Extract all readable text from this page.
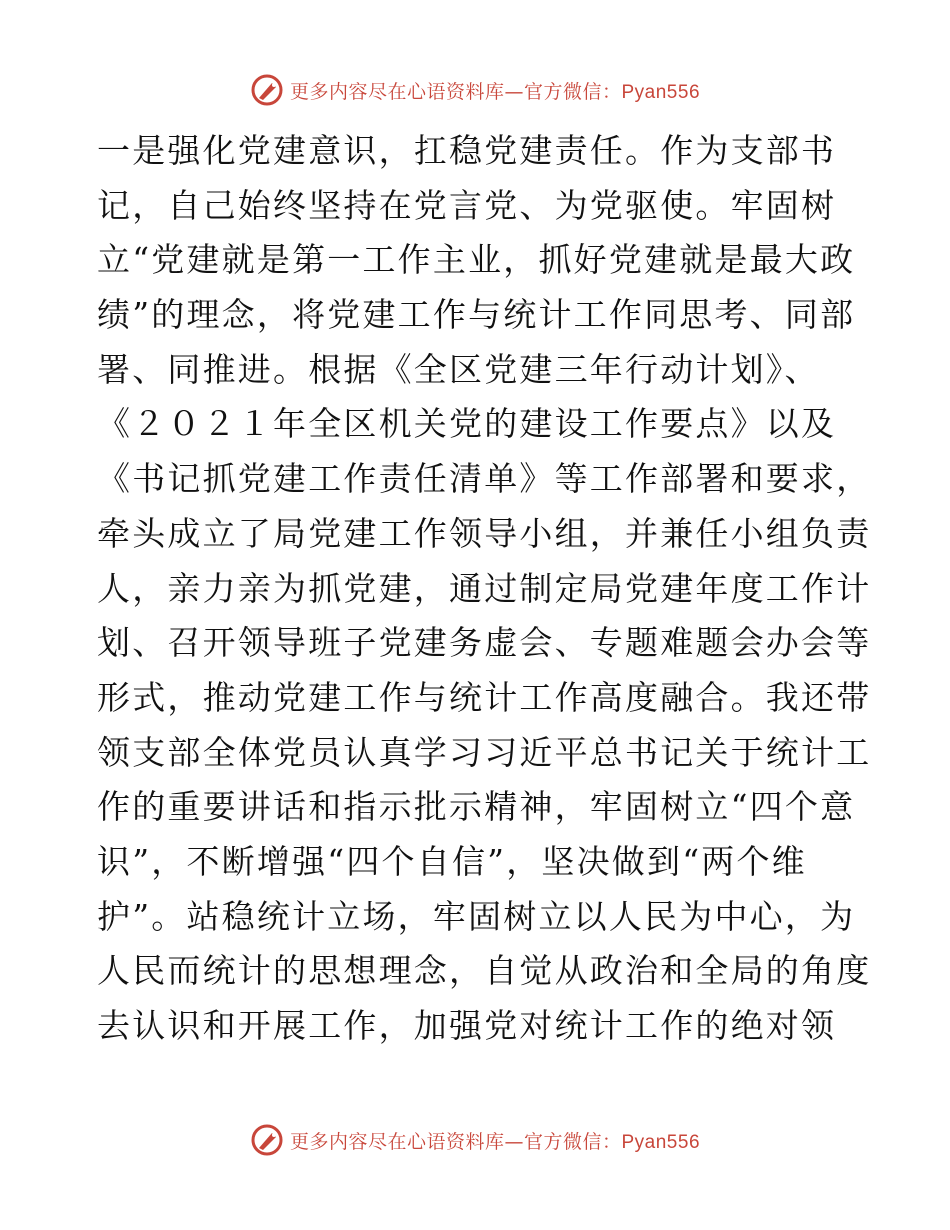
更多内容尽在心语资料库—官方微信：Pyan556
一是强化党建意识，扛稳党建责任。作为支部书
记，自己始终坚持在党言党、为党驱使。牢固树
立“党建就是第一工作主业，抓好党建就是最大政
绩”的理念，将党建工作与统计工作同思考、同部
署、同推进。根据《全区党建三年行动计划》、
《２０２１年全区机关党的建设工作要点》以及
《书记抓党建工作责任清单》等工作部署和要求，
牵头成立了局党建工作领导小组，并兼任小组负责
人，亲力亲为抓党建，通过制定局党建年度工作计
划、召开领导班子党建务虚会、专题难题会办会等
形式，推动党建工作与统计工作高度融合。我还带
领支部全体党员认真学习习近平总书记关于统计工
作的重要讲话和指示批示精神，牢固树立“四个意
识”，不断增强“四个自信”，坚决做到“两个维
护”。站稳统计立场，牢固树立以人民为中心，为
人民而统计的思想理念，自觉从政治和全局的角度
去认识和开展工作，加强党对统计工作的绝对领
更多内容尽在心语资料库—官方微信：Pyan556
